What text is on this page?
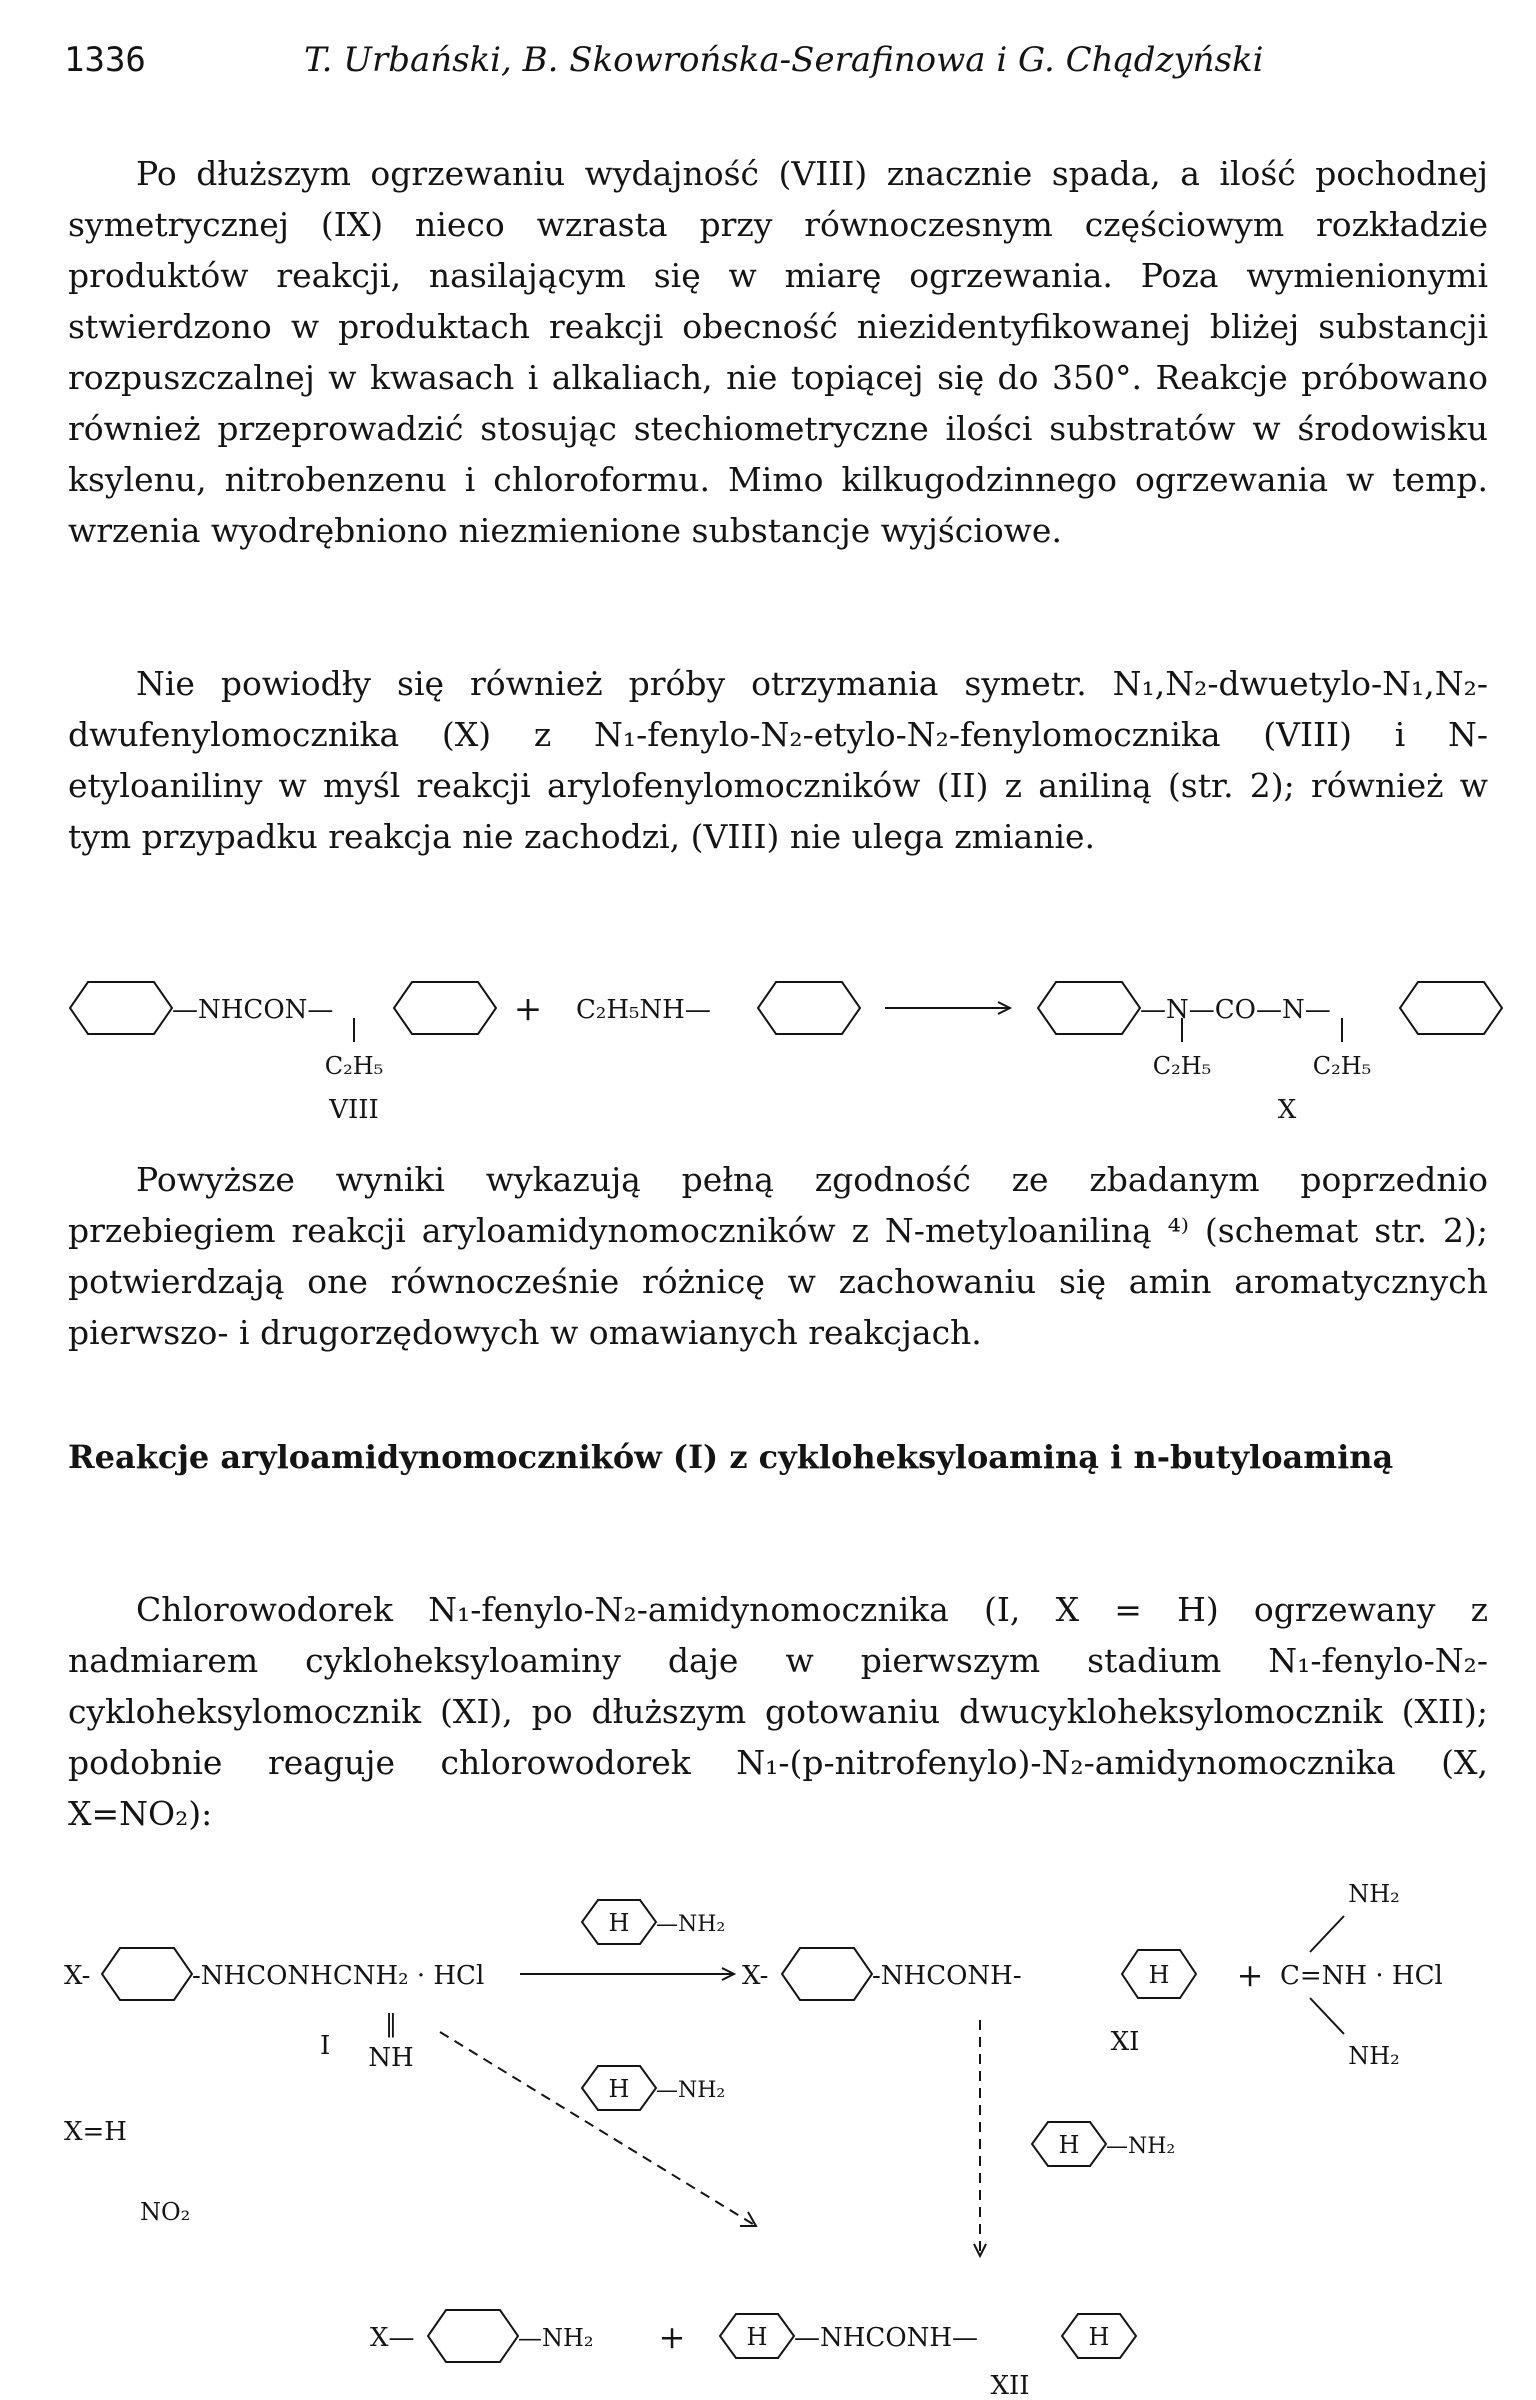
1336	T. Urbański, B. Skowrońska-Serafinowa i G. Chądzyński

Po dłuższym ogrzewaniu wydajność (VIII) znacznie spada, a ilość pochodnej symetrycznej (IX) nieco wzrasta przy równoczesnym częściowym rozkładzie produktów reakcji, nasilającym się w miarę ogrzewania. Poza wymienionymi stwierdzono w produktach reakcji obecność niezidentyfikowanej bliżej substancji rozpuszczalnej w kwasach i alkaliach, nie topiącej się do 350°. Reakcje próbowano również przeprowadzić stosując stechiometryczne ilości substratów w środowisku ksylenu, nitrobenzenu i chloroformu. Mimo kilkugodzinnego ogrzewania w temp. wrzenia wyodrębniono niezmienione substancje wyjściowe.

Nie powiodły się również próby otrzymania symetr. N₁,N₂-dwuetylo-N₁,N₂-dwufenylomocznika (X) z N₁-fenylo-N₂-etylo-N₂-fenylomocznika (VIII) i N-etyloaniliny w myśl reakcji arylofenylomoczników (II) z aniliną (str. 2); również w tym przypadku reakcja nie zachodzi, (VIII) nie ulega zmianie.

—NHCON—
C₂H₅
VIII
+ C₂H₅NH—	—N—CO—N—
C₂H₅	C₂H₅
X

Powyższe wyniki wykazują pełną zgodność ze zbadanym poprzednio przebiegiem reakcji aryloamidynomoczników z N-metyloaniliną ⁴⁾ (schemat str. 2); potwierdzają one równocześnie różnicę w zachowaniu się amin aromatycznych pierwszo- i drugorzędowych w omawianych reakcjach.

Reakcje aryloamidynomoczników (I) z cykloheksyloaminą i n-butyloaminą

Chlorowodorek N₁-fenylo-N₂-amidynomocznika (I, X = H) ogrzewany z nadmiarem cykloheksyloaminy daje w pierwszym stadium N₁-fenylo-N₂-cykloheksylomocznik (XI), po dłuższym gotowaniu dwucykloheksylomocznik (XII); podobnie reaguje chlorowodorek N₁-(p-nitrofenylo)-N₂-amidynomocznika (X, X=NO₂):

H
H
H
H
H	H
X-	-NHCONHCNH₂ · HCl
I
‖
NH
—NH₂
X-	-NHCONH-
XI
+
NH₂
C=NH · HCl
NH₂
X=H
NO₂
—NH₂
—NH₂
X—	—NH₂ +	—NHCONH—
XII
